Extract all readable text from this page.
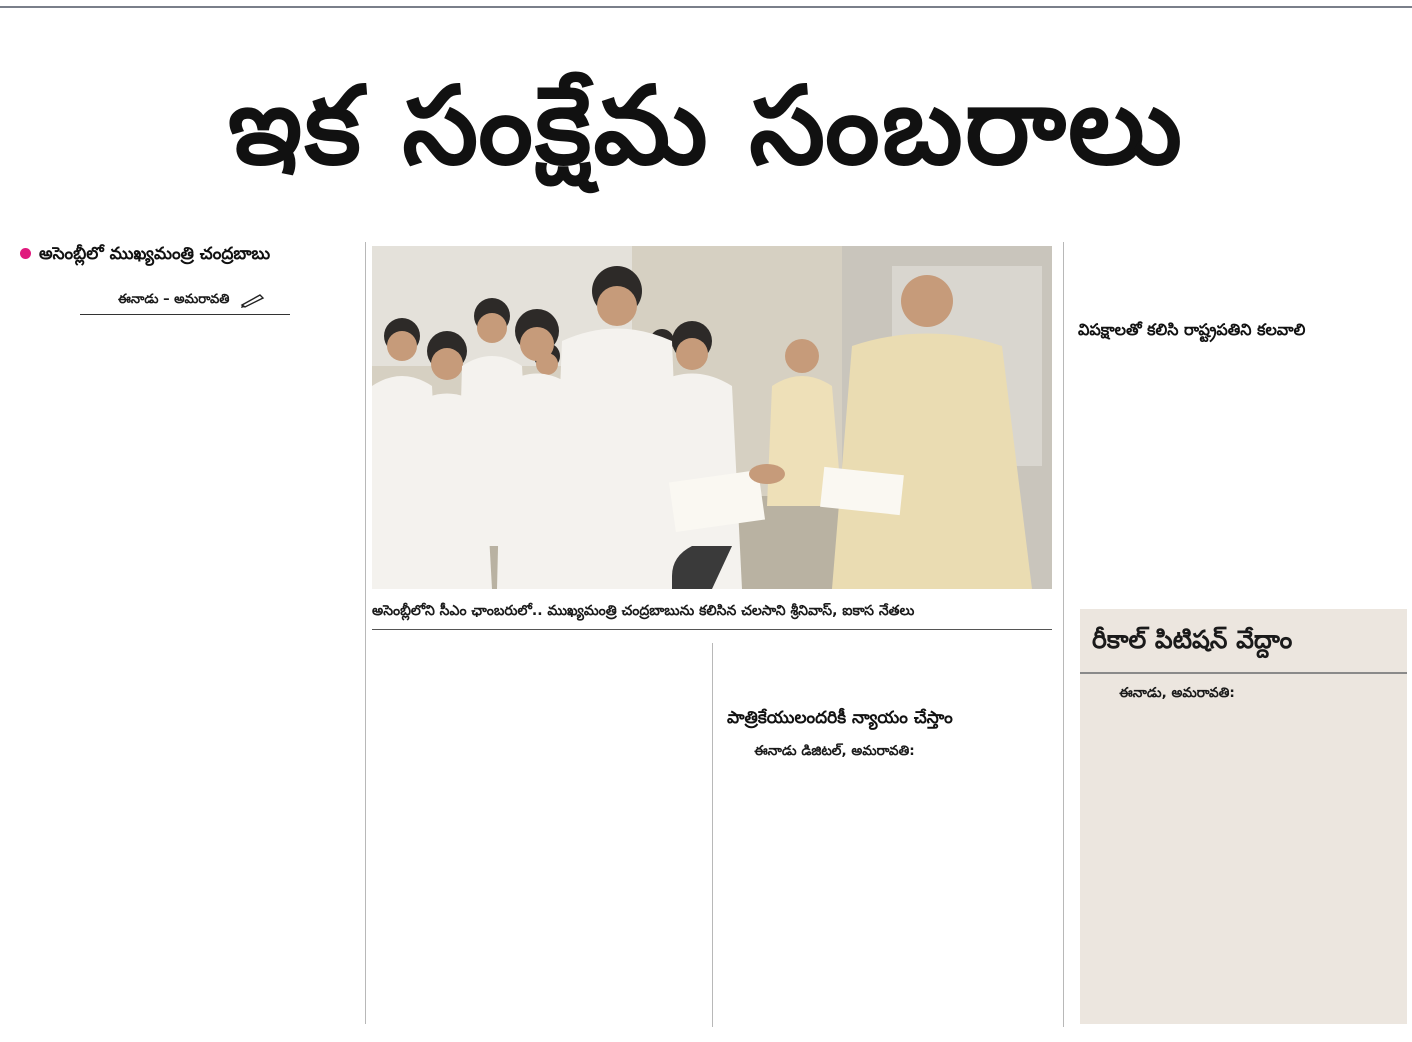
ఇక సంక్షేమ సంబరాలు
అసెంబ్లీలో ముఖ్యమంత్రి చంద్రబాబు
ఈనాడు – అమరావతి

అసెంబ్లీలోని సీఎం ఛాంబరులో.. ముఖ్యమంత్రి చంద్రబాబును కలిసిన చలసాని శ్రీనివాస్, ఐకాస నేతలు

పాత్రికేయులందరికీ న్యాయం చేస్తాం

ఈనాడు డిజిటల్, అమరావతి:

విపక్షాలతో కలిసి రాష్ట్రపతిని కలవాలి

రీకాల్ పిటిషన్ వేద్దాం

ఈనాడు, అమరావతి:
